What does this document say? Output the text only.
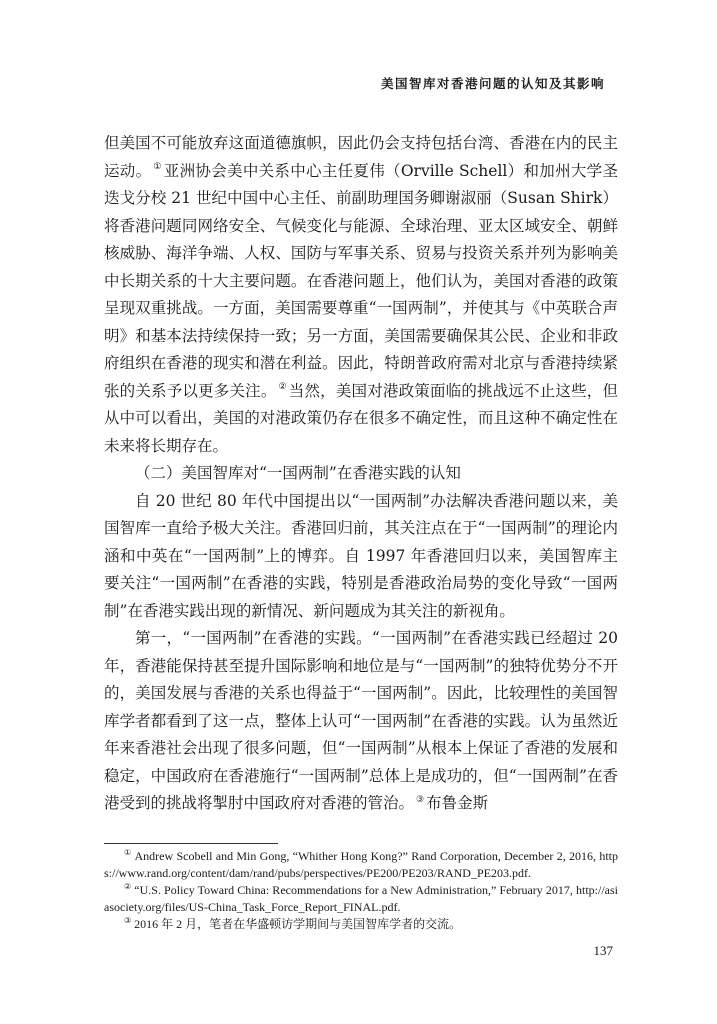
美国智库对香港问题的认知及其影响

但美国不可能放弃这面道德旗帜，因此仍会支持包括台湾、香港在内的民主运动。 ① 亚洲协会美中关系中心主任夏伟（Orville Schell）和加州大学圣迭戈分校 21 世纪中国中心主任、前副助理国务卿谢淑丽（Susan Shirk）将香港问题同网络安全、气候变化与能源、全球治理、亚太区域安全、朝鲜核威胁、海洋争端、人权、国防与军事关系、贸易与投资关系并列为影响美中长期关系的十大主要问题。在香港问题上，他们认为，美国对香港的政策呈现双重挑战。一方面，美国需要尊重“一国两制”，并使其与《中英联合声明》和基本法持续保持一致；另一方面，美国需要确保其公民、企业和非政府组织在香港的现实和潜在利益。因此，特朗普政府需对北京与香港持续紧张的关系予以更多关注。 ② 当然，美国对港政策面临的挑战远不止这些，但从中可以看出，美国的对港政策仍存在很多不确定性，而且这种不确定性在未来将长期存在。

（二）美国智库对“一国两制”在香港实践的认知

自 20 世纪 80 年代中国提出以“一国两制”办法解决香港问题以来，美国智库一直给予极大关注。香港回归前，其关注点在于“一国两制”的理论内涵和中英在“一国两制”上的博弈。自 1997 年香港回归以来，美国智库主要关注“一国两制”在香港的实践，特别是香港政治局势的变化导致“一国两制”在香港实践出现的新情况、新问题成为其关注的新视角。

第一，“一国两制”在香港的实践。“一国两制”在香港实践已经超过 20 年，香港能保持甚至提升国际影响和地位是与“一国两制”的独特优势分不开的，美国发展与香港的关系也得益于“一国两制”。因此，比较理性的美国智库学者都看到了这一点，整体上认可“一国两制”在香港的实践。认为虽然近年来香港社会出现了很多问题，但“一国两制”从根本上保证了香港的发展和稳定，中国政府在香港施行“一国两制”总体上是成功的，但“一国两制”在香港受到的挑战将掣肘中国政府对香港的管治。 ③ 布鲁金斯

① Andrew Scobell and Min Gong, “Whither Hong Kong?” Rand Corporation, December 2, 2016, https://www.rand.org/content/dam/rand/pubs/perspectives/PE200/PE203/RAND_PE203.pdf.

② “U.S. Policy Toward China: Recommendations for a New Administration,” February 2017, http://asiasociety.org/files/US-China_Task_Force_Report_FINAL.pdf.

③ 2016 年 2 月，笔者在华盛顿访学期间与美国智库学者的交流。

137
